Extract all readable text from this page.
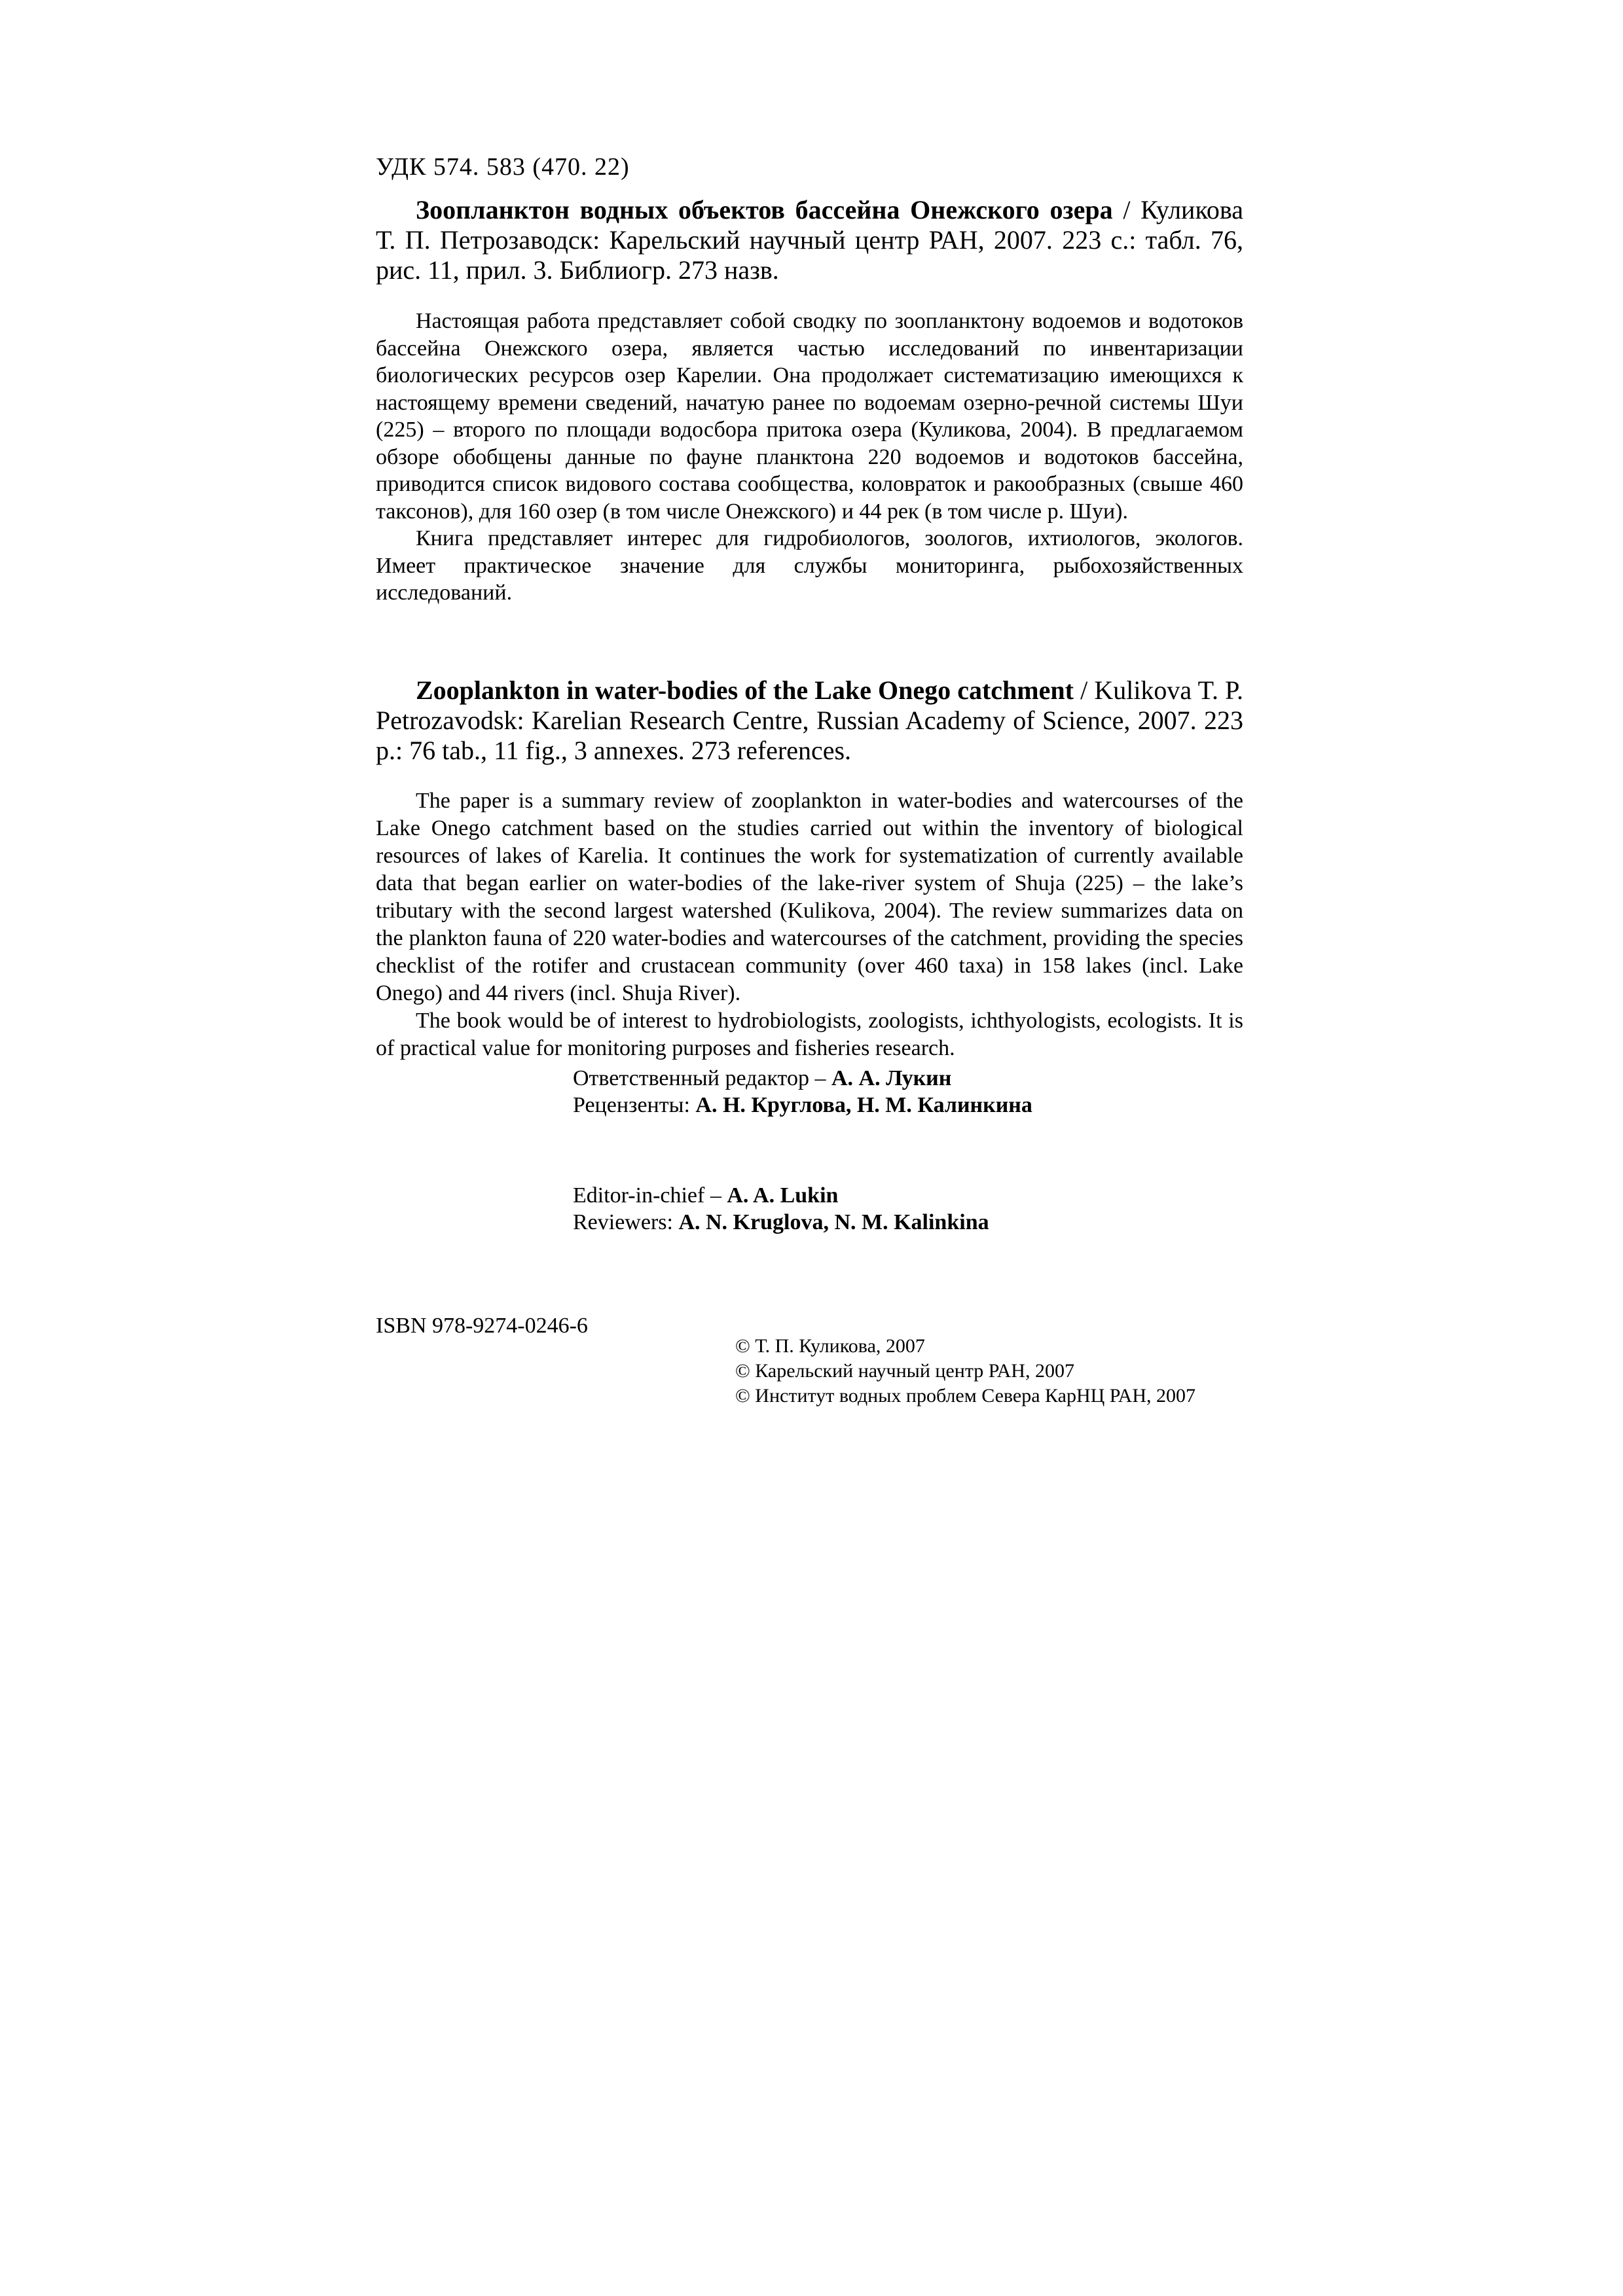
УДК 574. 583 (470. 22)

Зоопланктон водных объектов бассейна Онежского озера / Куликова Т. П. Петрозаводск: Карельский научный центр РАН, 2007. 223 с.: табл. 76, рис. 11, прил. 3. Библиогр. 273 назв.

Настоящая работа представляет собой сводку по зоопланктону водоемов и водотоков бассейна Онежского озера, является частью исследований по инвентаризации биологических ресурсов озер Карелии. Она продолжает систематизацию имеющихся к настоящему времени сведений, начатую ранее по водоемам озерно-речной системы Шуи (225) – второго по площади водосбора притока озера (Куликова, 2004). В предлагаемом обзоре обобщены данные по фауне планктона 220 водоемов и водотоков бассейна, приводится список видового состава сообщества, коловраток и ракообразных (свыше 460 таксонов), для 160 озер (в том числе Онежского) и 44 рек (в том числе р. Шуи).

Книга представляет интерес для гидробиологов, зоологов, ихтиологов, экологов. Имеет практическое значение для службы мониторинга, рыбохозяйственных исследований.

Zooplankton in water-bodies of the Lake Onego catchment / Kulikova T. P. Petrozavodsk: Karelian Research Centre, Russian Academy of Science, 2007. 223 p.: 76 tab., 11 fig., 3 annexes. 273 references.

The paper is a summary review of zooplankton in water-bodies and watercourses of the Lake Onego catchment based on the studies carried out within the inventory of biological resources of lakes of Karelia. It continues the work for systematization of currently available data that began earlier on water-bodies of the lake-river system of Shuja (225) – the lake’s tributary with the second largest watershed (Kulikova, 2004). The review summarizes data on the plankton fauna of 220 water-bodies and watercourses of the catchment, providing the species checklist of the rotifer and crustacean community (over 460 taxa) in 158 lakes (incl. Lake Onego) and 44 rivers (incl. Shuja River).

The book would be of interest to hydrobiologists, zoologists, ichthyologists, ecologists. It is of practical value for monitoring purposes and fisheries research.

Ответственный редактор – А. А. Лукин
Рецензенты: А. Н. Круглова, Н. М. Калинкина
Editor-in-chief – A. A. Lukin
Reviewers: A. N. Kruglova, N. M. Kalinkina
ISBN 978-9274-0246-6
© Т. П. Куликова, 2007
© Карельский научный центр РАН, 2007
© Институт водных проблем Севера КарНЦ РАН, 2007
